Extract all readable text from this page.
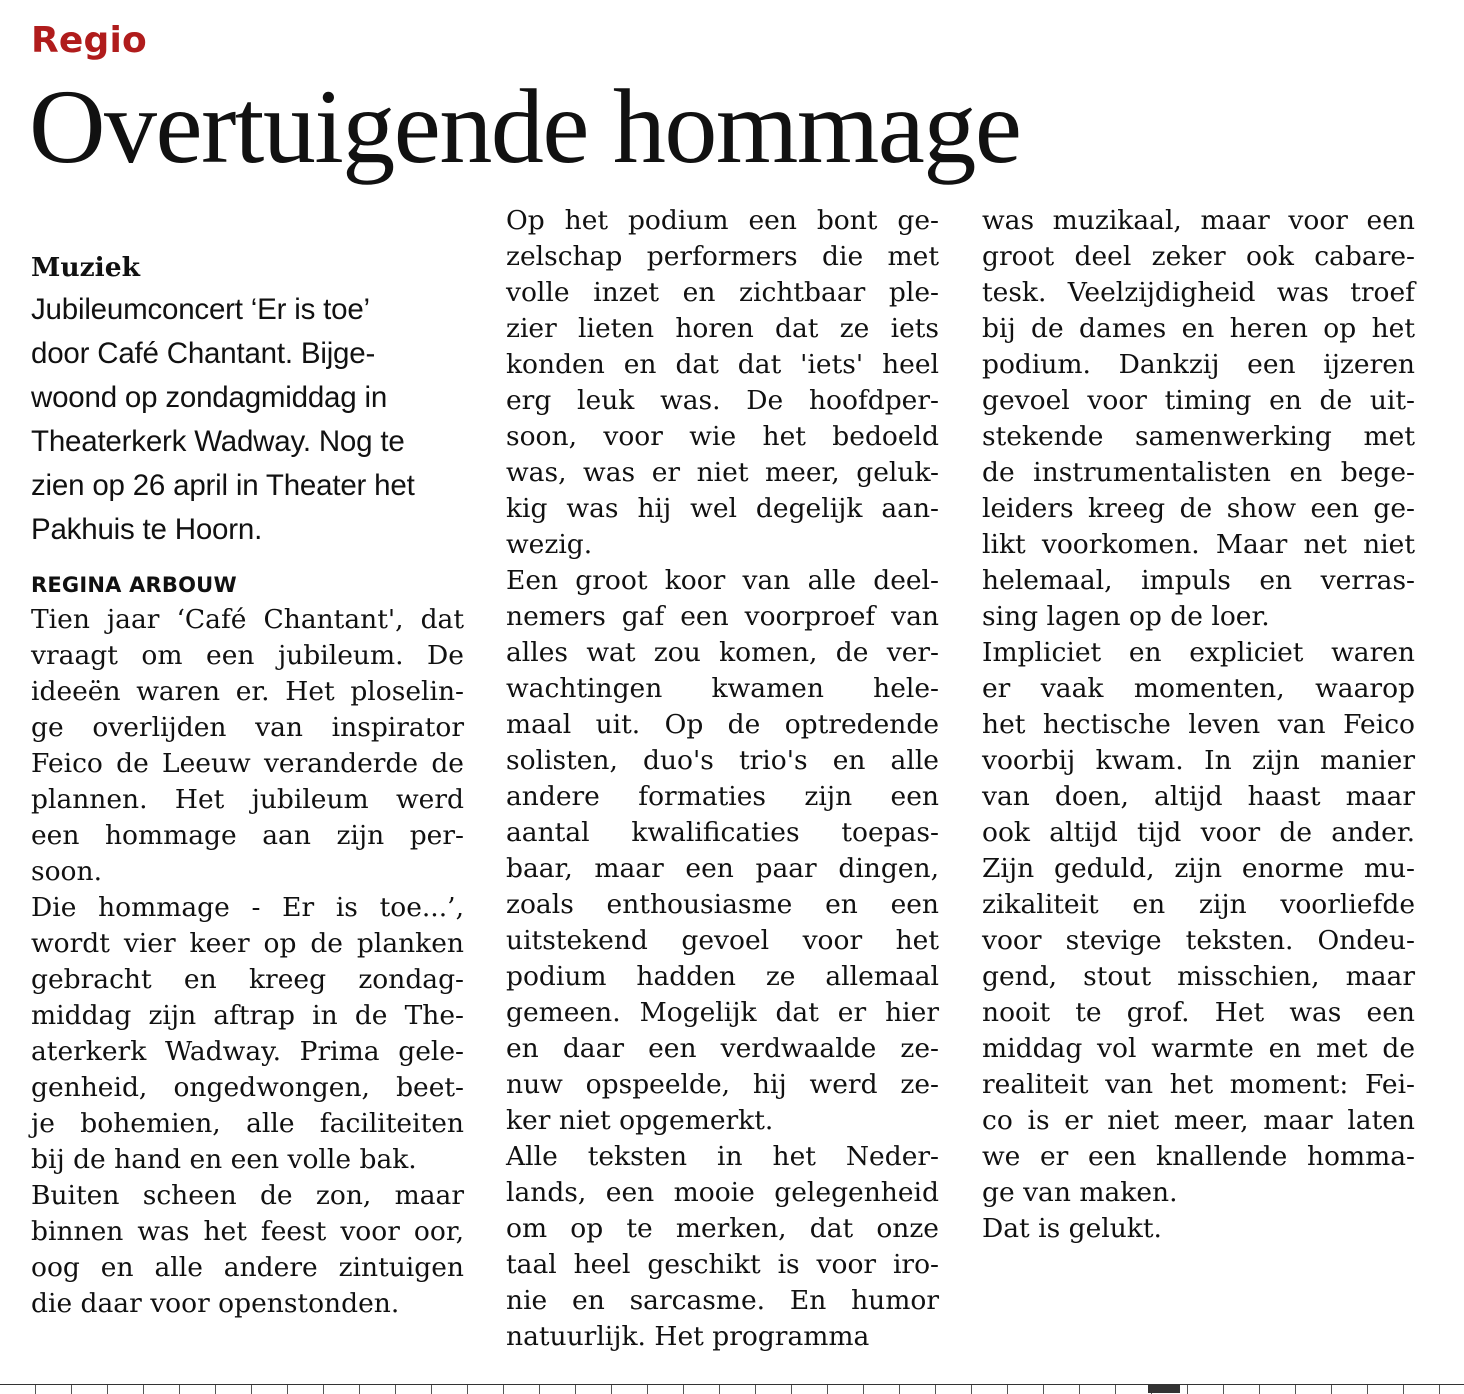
Regio
Overtuigende hommage
Muziek
Jubileumconcert ‘Er is toe’
door Café Chantant. Bijge-
woond op zondagmiddag in
Theaterkerk Wadway. Nog te
zien op 26 april in Theater het
Pakhuis te Hoorn.
REGINA ARBOUW
Tien jaar ‘Café Chantant', dat
vraagt om een jubileum. De
ideeën waren er. Het ploselin-
ge overlijden van inspirator
Feico de Leeuw veranderde de
plannen. Het jubileum werd
een hommage aan zijn per-
soon.
Die hommage - Er is toe...’,
wordt vier keer op de planken
gebracht en kreeg zondag-
middag zijn aftrap in de The-
aterkerk Wadway. Prima gele-
genheid, ongedwongen, beet-
je bohemien, alle faciliteiten
bij de hand en een volle bak.
Buiten scheen de zon, maar
binnen was het feest voor oor,
oog en alle andere zintuigen
die daar voor openstonden.
Op het podium een bont ge-
zelschap performers die met
volle inzet en zichtbaar ple-
zier lieten horen dat ze iets
konden en dat dat 'iets' heel
erg leuk was. De hoofdper-
soon, voor wie het bedoeld
was, was er niet meer, geluk-
kig was hij wel degelijk aan-
wezig.
Een groot koor van alle deel-
nemers gaf een voorproef van
alles wat zou komen, de ver-
wachtingen kwamen hele-
maal uit. Op de optredende
solisten, duo's trio's en alle
andere formaties zijn een
aantal kwalificaties toepas-
baar, maar een paar dingen,
zoals enthousiasme en een
uitstekend gevoel voor het
podium hadden ze allemaal
gemeen. Mogelijk dat er hier
en daar een verdwaalde ze-
nuw opspeelde, hij werd ze-
ker niet opgemerkt.
Alle teksten in het Neder-
lands, een mooie gelegenheid
om op te merken, dat onze
taal heel geschikt is voor iro-
nie en sarcasme. En humor
natuurlijk. Het programma
was muzikaal, maar voor een
groot deel zeker ook cabare-
tesk. Veelzijdigheid was troef
bij de dames en heren op het
podium. Dankzij een ijzeren
gevoel voor timing en de uit-
stekende samenwerking met
de instrumentalisten en bege-
leiders kreeg de show een ge-
likt voorkomen. Maar net niet
helemaal, impuls en verras-
sing lagen op de loer.
Impliciet en expliciet waren
er vaak momenten, waarop
het hectische leven van Feico
voorbij kwam. In zijn manier
van doen, altijd haast maar
ook altijd tijd voor de ander.
Zijn geduld, zijn enorme mu-
zikaliteit en zijn voorliefde
voor stevige teksten. Ondeu-
gend, stout misschien, maar
nooit te grof. Het was een
middag vol warmte en met de
realiteit van het moment: Fei-
co is er niet meer, maar laten
we er een knallende homma-
ge van maken.
Dat is gelukt.
